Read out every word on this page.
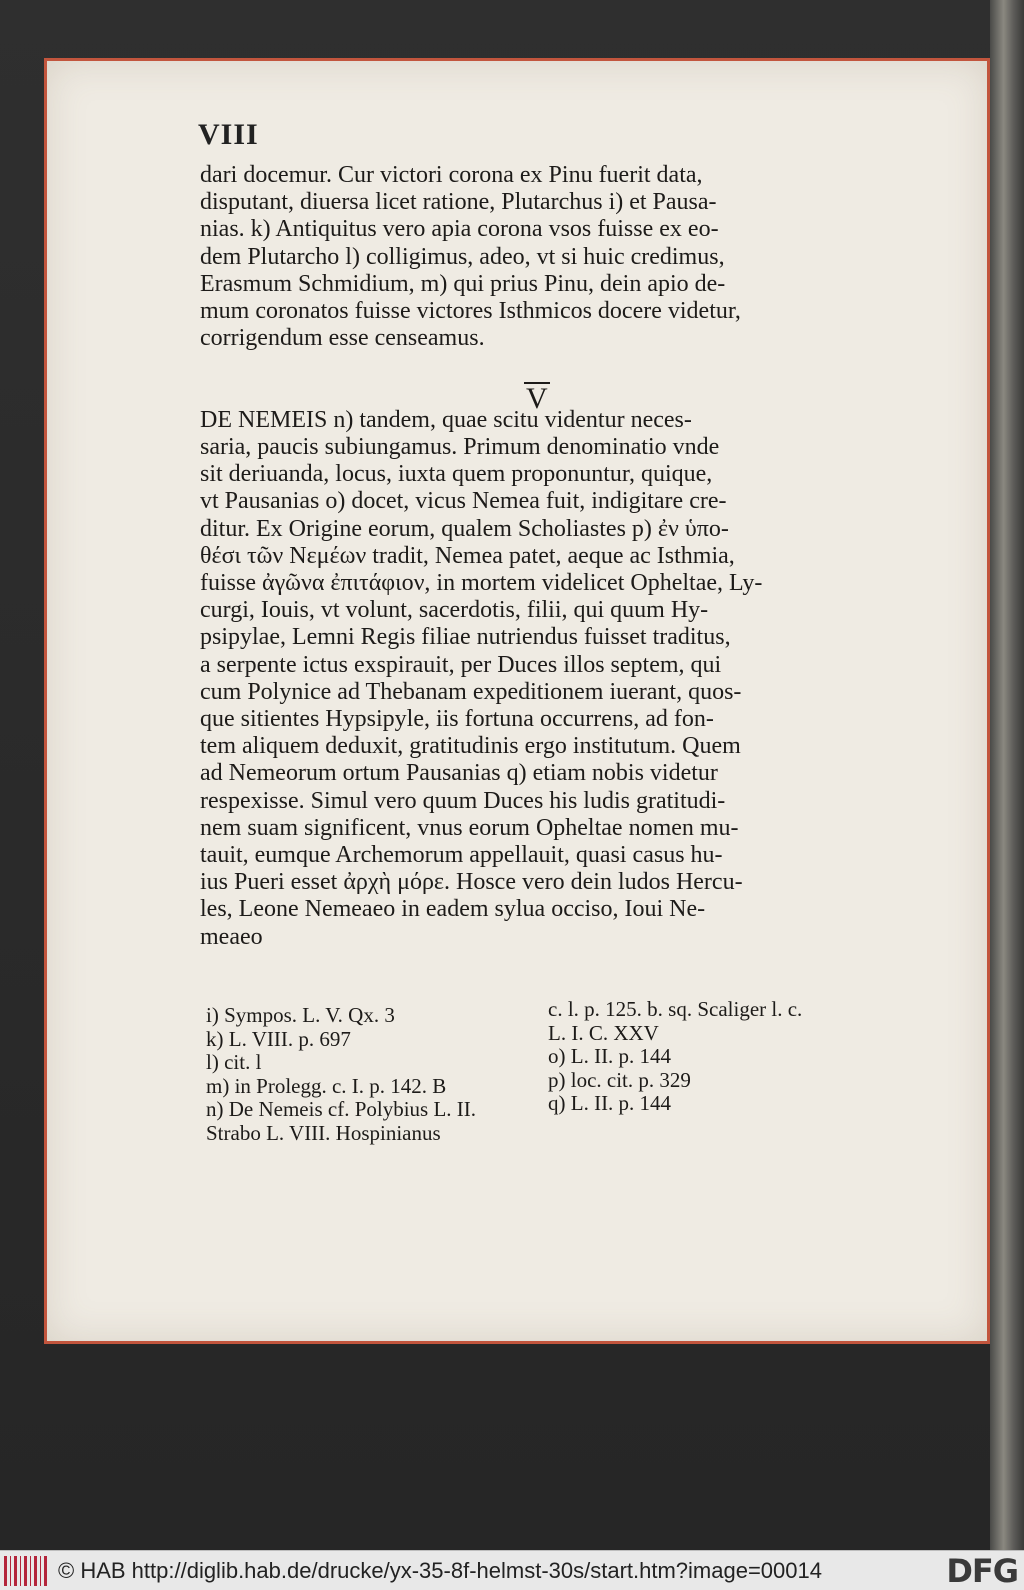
VIII
dari docemur. Cur victori corona ex Pinu fuerit data,
disputant, diuersa licet ratione, Plutarchus i) et Pausa-
nias. k) Antiquitus vero apia corona vsos fuisse ex eo-
dem Plutarcho l) colligimus, adeo, vt si huic credimus,
Erasmum Schmidium, m) qui prius Pinu, dein apio de-
mum coronatos fuisse victores Isthmicos docere videtur,
corrigendum esse censeamus.

DE NEMEIS n) tandem, quae scitu videntur neces-
saria, paucis subiungamus. Primum denominatio vnde
sit deriuanda, locus, iuxta quem proponuntur, quique,
vt Pausanias o) docet, vicus Nemea fuit, indigitare cre-
ditur. Ex Origine eorum, qualem Scholiastes p) ἐν ὑπο-
θέσι τῶν Νεμέων tradit, Nemea patet, aeque ac Isthmia,
fuisse ἀγῶνα ἐπιτάφιον, in mortem videlicet Opheltae, Ly-
curgi, Iouis, vt volunt, sacerdotis, filii, qui quum Hy-
psipylae, Lemni Regis filiae nutriendus fuisset traditus,
a serpente ictus exspirauit, per Duces illos septem, qui
cum Polynice ad Thebanam expeditionem iuerant, quos-
que sitientes Hypsipyle, iis fortuna occurrens, ad fon-
tem aliquem deduxit, gratitudinis ergo institutum. Quem
ad Nemeorum ortum Pausanias q) etiam nobis videtur
respexisse. Simul vero quum Duces his ludis gratitudi-
nem suam significent, vnus eorum Opheltae nomen mu-
tauit, eumque Archemorum appellauit, quasi casus hu-
ius Pueri esset ἀρχὴ μόρε. Hosce vero dein ludos Hercu-
les, Leone Nemeaeo in eadem sylua occiso, Ioui Ne-
meaeo
V
i) Sympos. L. V. Qx. 3
k) L. VIII. p. 697
l) cit. l
m) in Prolegg. c. I. p. 142. B
n) De Nemeis cf. Polybius L. II.
Strabo L. VIII. Hospinianus
c. l. p. 125. b. sq. Scaliger l. c.
L. I. C. XXV
o) L. II. p. 144
p) loc. cit. p. 329
q) L. II. p. 144
© HAB http://diglib.hab.de/drucke/yx-35-8f-helmst-30s/start.htm?image=00014	DFG
